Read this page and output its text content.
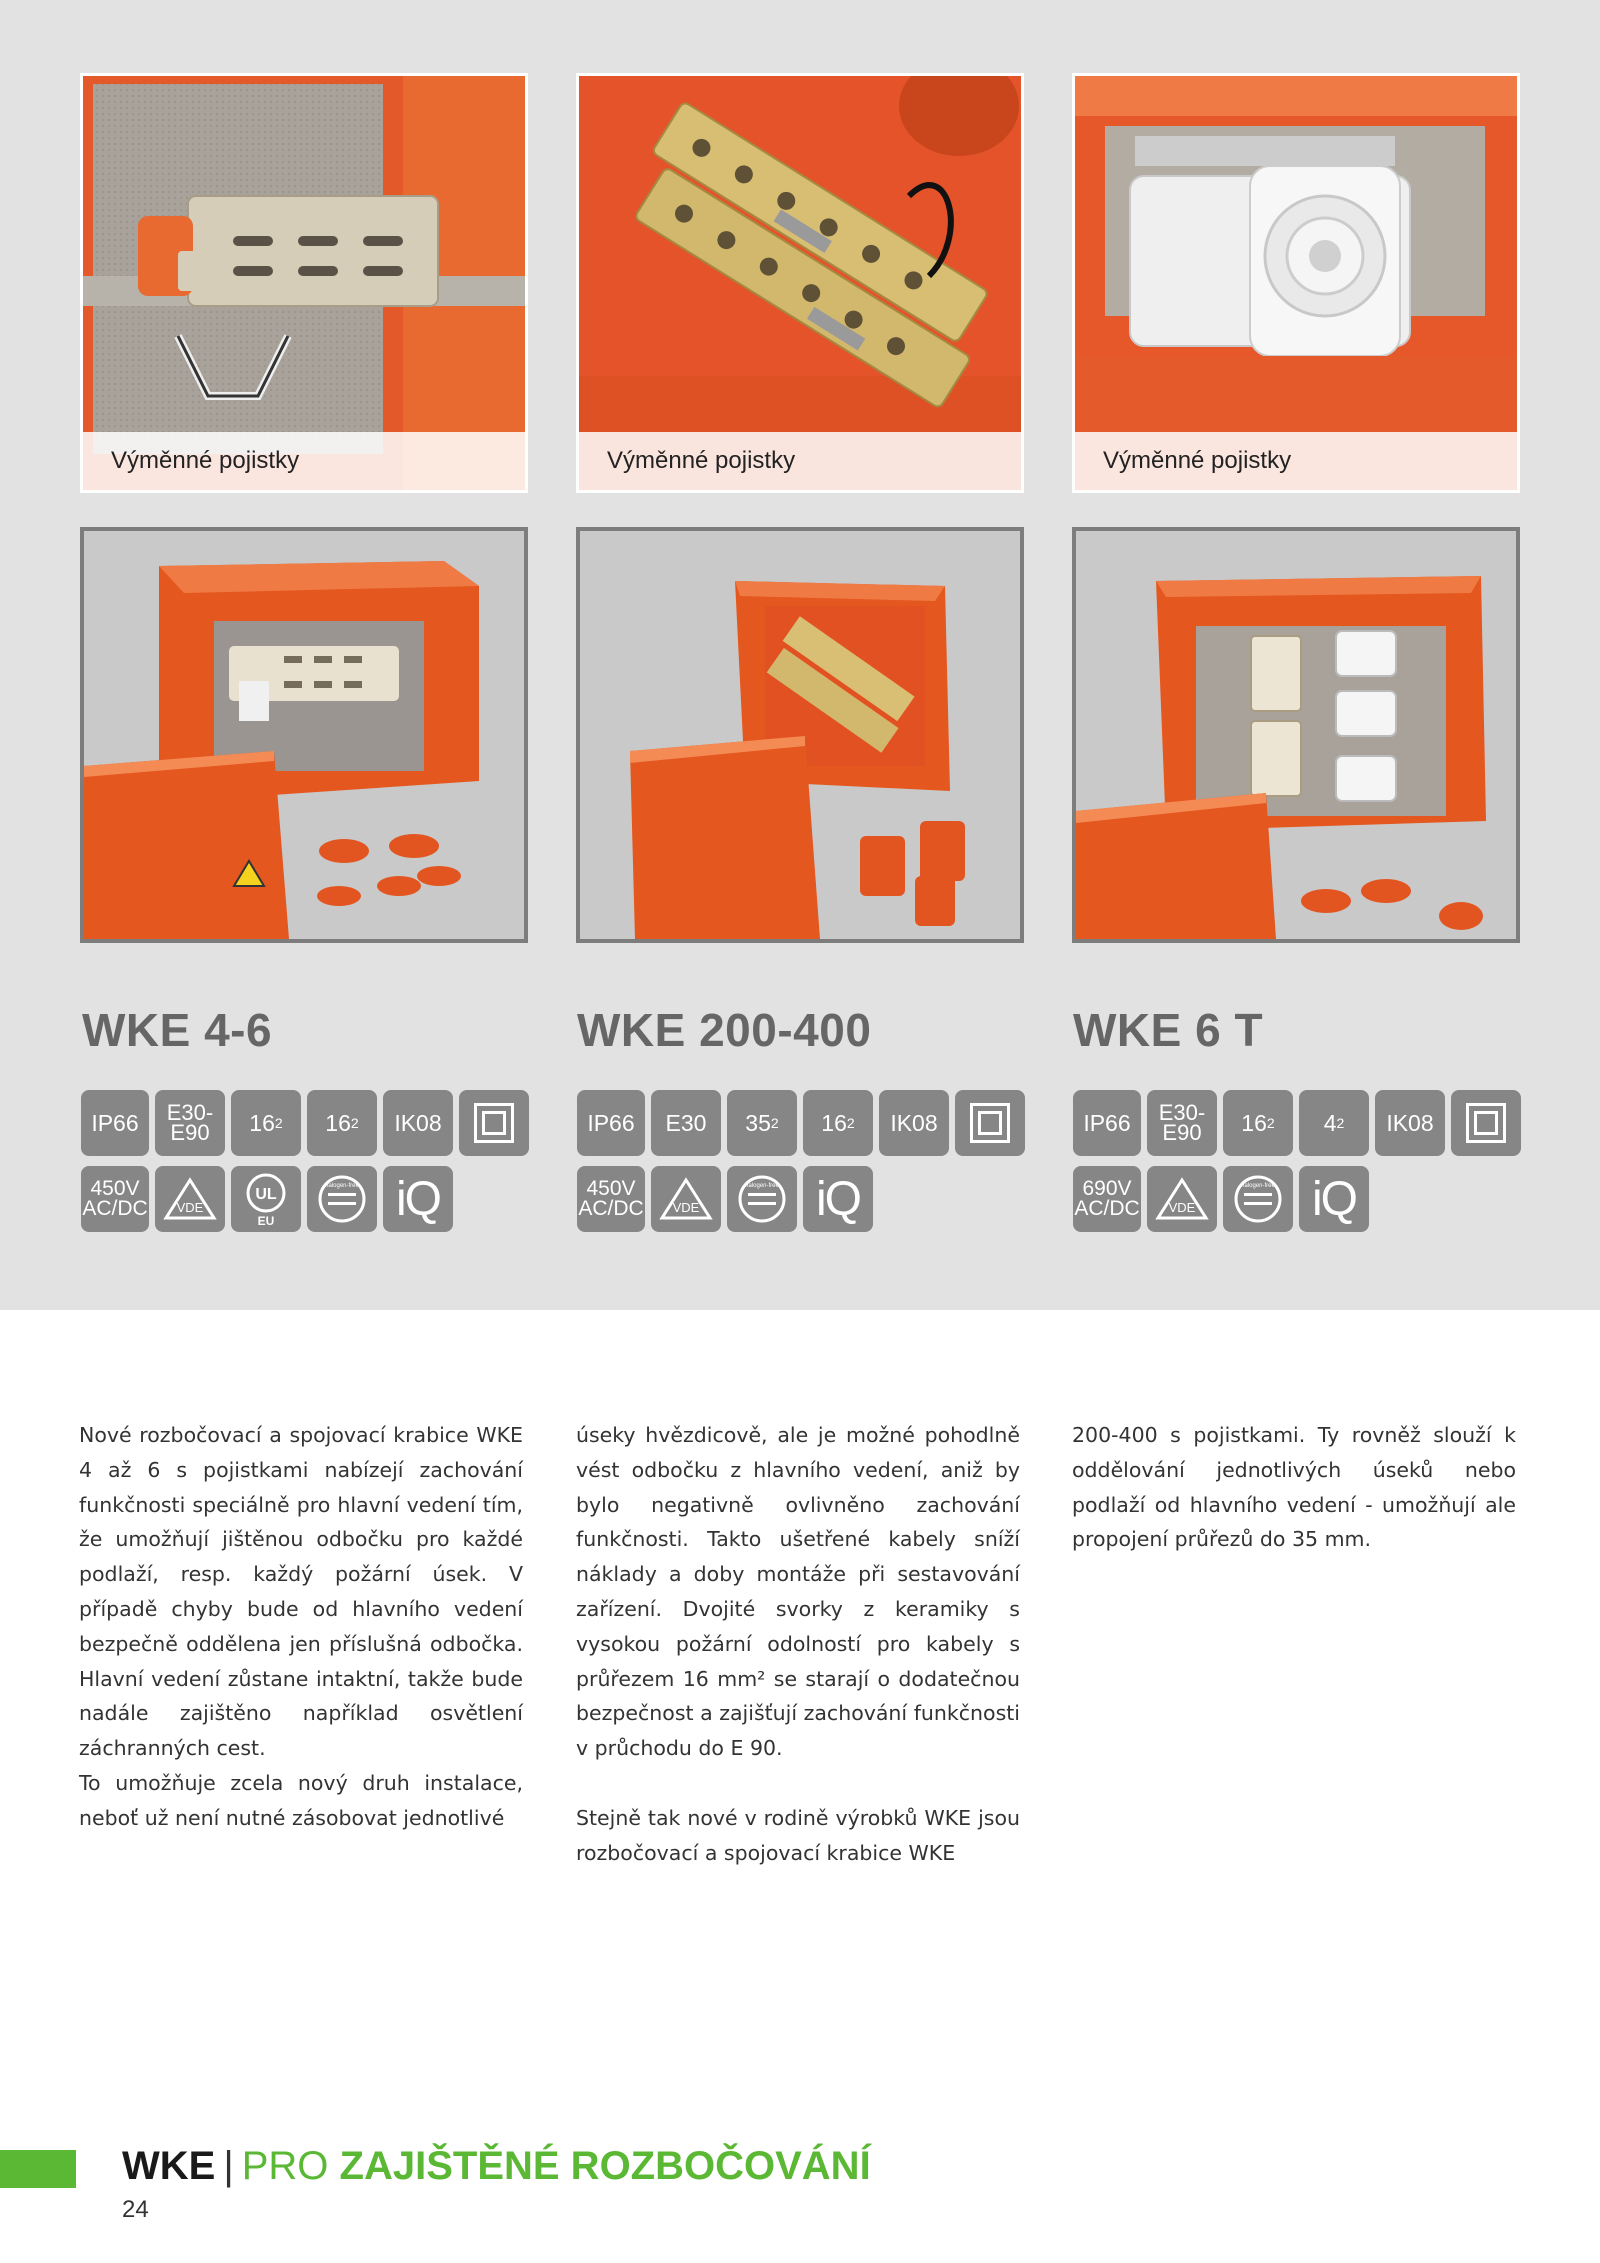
Výměnné pojistky	Výměnné pojistky	Výměnné pojistky
WKE 4-6	WKE 200-400	WKE 6 T
IP66 E30-
E90 16 2 16 2 IK08
450V
AC/DC VDE
UL
EU
halogen-free iQ
IP66 E30 35 2 16 2 IK08
450V
AC/DC VDE
halogen-free iQ
IP66 E30-
E90 16 2 4 2 IK08
690V
AC/DC VDE
halogen-free iQ

Nové rozbočovací a spojovací krabice WKE 4 až 6 s pojistkami nabízejí zachování funkčnosti speciálně pro hlavní vedení tím, že umožňují jištěnou odbočku pro každé podlaží, resp. každý požární úsek. V případě chyby bude od hlavního vedení bezpečně oddělena jen příslušná odbočka. Hlavní vedení zůstane intaktní, takže bude nadále zajištěno například osvětlení záchranných cest.

To umožňuje zcela nový druh instalace, neboť už není nutné zásobovat jednotlivé

úseky hvězdicově, ale je možné pohodlně vést odbočku z hlavního vedení, aniž by bylo negativně ovlivněno zachování funkčnosti. Takto ušetřené kabely sníží náklady a doby montáže při sestavování zařízení. Dvojité svorky z keramiky s vysokou požární odolností pro kabely s průřezem 16 mm² se starají o dodatečnou bezpečnost a zajišťují zachování funkčnosti v průchodu do E 90.

Stejně tak nové v rodině výrobků WKE jsou rozbočovací a spojovací krabice WKE

200-400 s pojistkami. Ty rovněž slouží k oddělování jednotlivých úseků nebo podlaží od hlavního vedení - umožňují ale propojení průřezů do 35 mm.

WKE | PRO ZAJIŠTĚNÉ ROZBOČOVÁNÍ
24
